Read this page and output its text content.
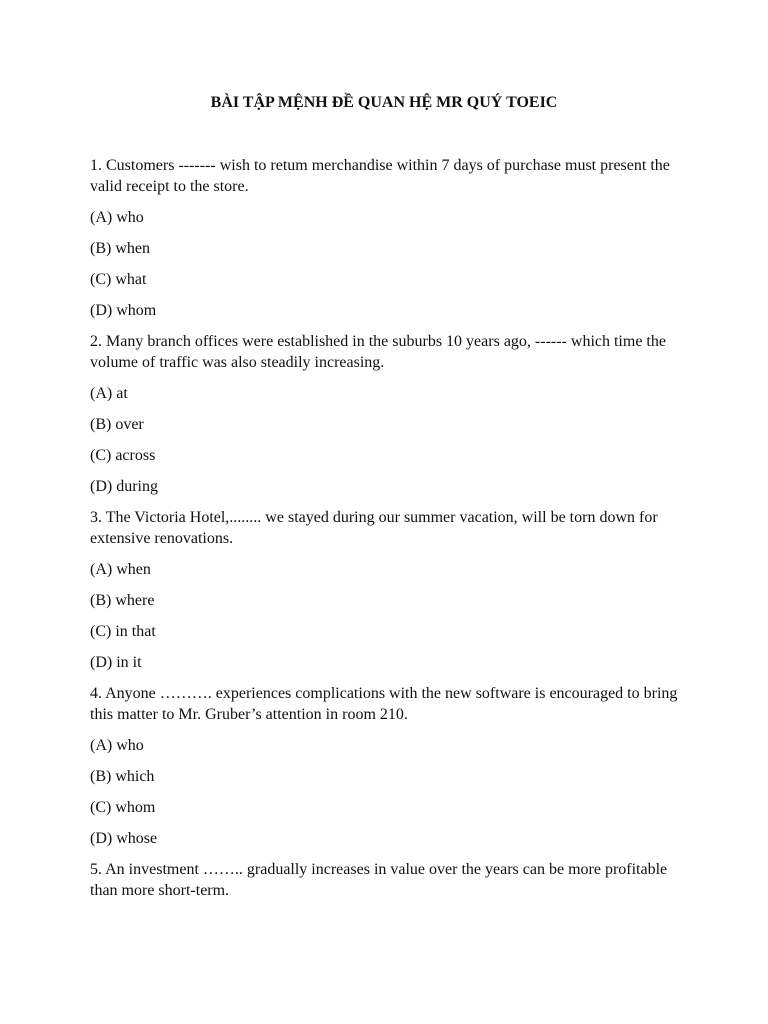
BÀI TẬP MỆNH ĐỀ QUAN HỆ MR QUÝ TOEIC

1. Customers ------- wish to retum merchandise within 7 days of purchase must present the valid receipt to the store.

(A) who

(B) when

(C) what

(D) whom

2. Many branch offices were established in the suburbs 10 years ago, ------ which time the volume of traffic was also steadily increasing.

(A) at

(B) over

(C) across

(D) during

3. The Victoria Hotel,........ we stayed during our summer vacation, will be torn down for extensive renovations.

(A) when

(B) where

(C) in that

(D) in it

4. Anyone ………. experiences complications with the new software is encouraged to bring this matter to Mr. Gruber’s attention in room 210.

(A) who

(B) which

(C) whom

(D) whose

5. An investment …….. gradually increases in value over the years can be more profitable than more short-term.
